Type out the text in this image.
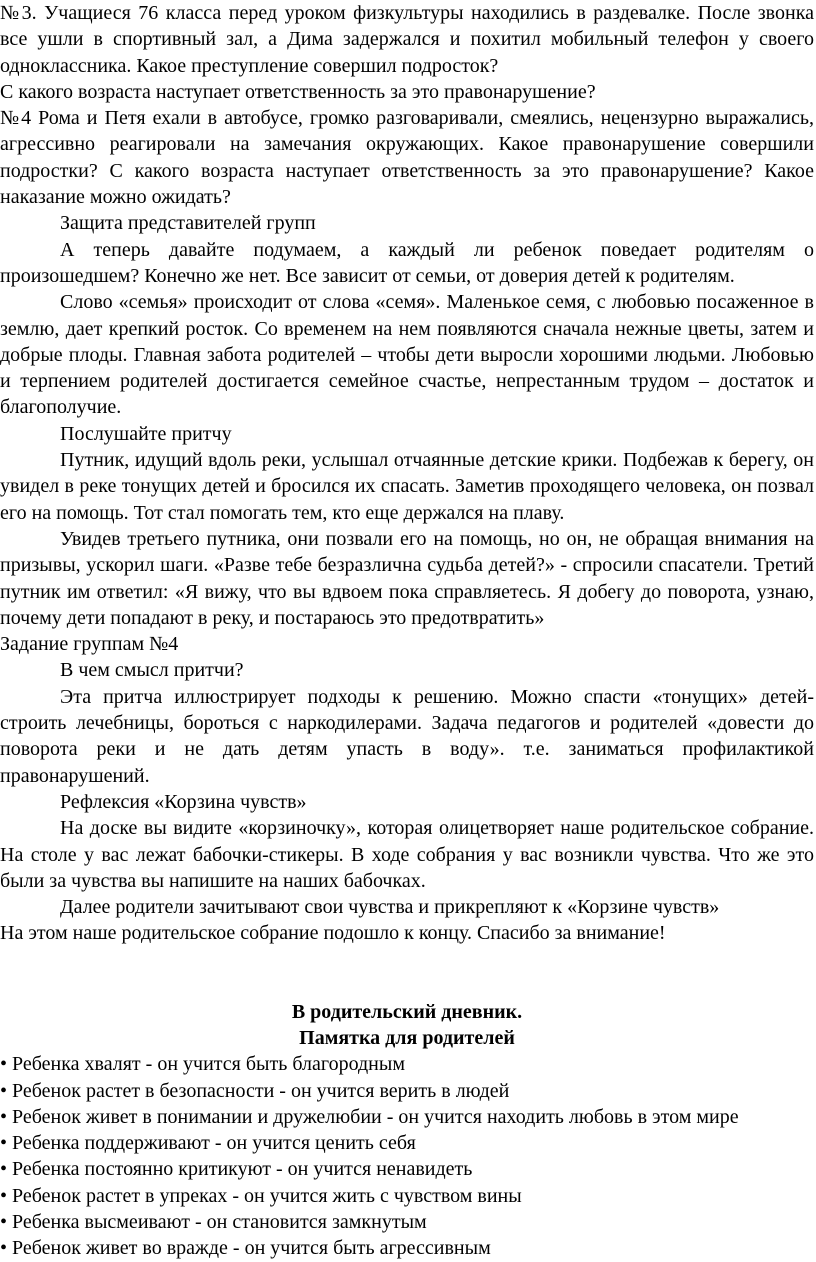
№3. Учащиеся 76 класса перед уроком физкультуры находились в раздевалке. После звонка все ушли в спортивный зал, а Дима задержался и похитил мобильный телефон у своего одноклассника. Какое преступление совершил подросток?

С какого возраста наступает ответственность за это правонарушение?

№4 Рома и Петя ехали в автобусе, громко разговаривали, смеялись, нецензурно выражались, агрессивно реагировали на замечания окружающих. Какое правонарушение совершили подростки? С какого возраста наступает ответственность за это правонарушение? Какое наказание можно ожидать?

Защита представителей групп

А теперь давайте подумаем, а каждый ли ребенок поведает родителям о произошедшем? Конечно же нет. Все зависит от семьи, от доверия детей к родителям.

Слово «семья» происходит от слова «семя». Маленькое семя, с любовью посаженное в землю, дает крепкий росток. Со временем на нем появляются сначала нежные цветы, затем и добрые плоды. Главная забота родителей – чтобы дети выросли хорошими людьми. Любовью и терпением родителей достигается семейное счастье, непрестанным трудом – достаток и благополучие.

Послушайте притчу

Путник, идущий вдоль реки, услышал отчаянные детские крики. Подбежав к берегу, он увидел в реке тонущих детей и бросился их спасать. Заметив проходящего человека, он позвал его на помощь. Тот стал помогать тем, кто еще держался на плаву.

Увидев третьего путника, они позвали его на помощь, но он, не обращая внимания на призывы, ускорил шаги. «Разве тебе безразлична судьба детей?» - спросили спасатели. Третий путник им ответил: «Я вижу, что вы вдвоем пока справляетесь. Я добегу до поворота, узнаю, почему дети попадают в реку, и постараюсь это предотвратить»

Задание группам №4

В чем смысл притчи?

Эта притча иллюстрирует подходы к решению. Можно спасти «тонущих» детей- строить лечебницы, бороться с наркодилерами. Задача педагогов и родителей «довести до поворота реки и не дать детям упасть в воду». т.е. заниматься профилактикой правонарушений.

Рефлексия «Корзина чувств»

На доске вы видите «корзиночку», которая олицетворяет наше родительское собрание. На столе у вас лежат бабочки-стикеры. В ходе собрания у вас возникли чувства. Что же это были за чувства вы напишите на наших бабочках.

Далее родители зачитывают свои чувства и прикрепляют к «Корзине чувств»

На этом наше родительское собрание подошло к концу. Спасибо за внимание!

В родительский дневник.

Памятка для родителей

• Ребенка хвалят - он учится быть благородным
• Ребенок растет в безопасности - он учится верить в людей
• Ребенок живет в понимании и дружелюбии - он учится находить любовь в этом мире
• Ребенка поддерживают - он учится ценить себя
• Ребенка постоянно критикуют - он учится ненавидеть
• Ребенок растет в упреках - он учится жить с чувством вины
• Ребенка высмеивают - он становится замкнутым
• Ребенок живет во вражде - он учится быть агрессивным
